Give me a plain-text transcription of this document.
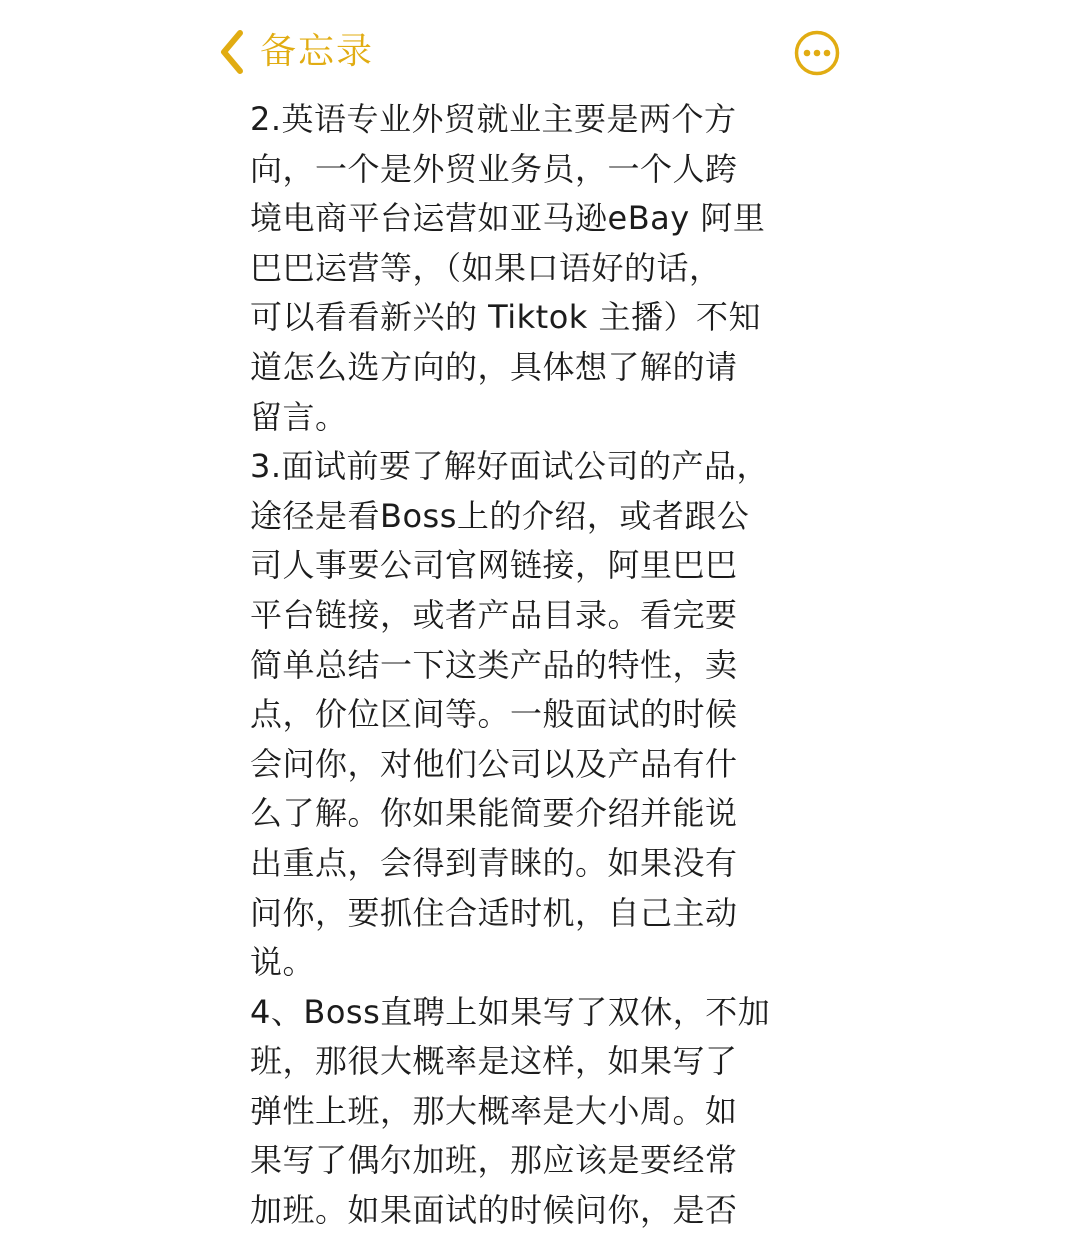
备忘录
2.英语专业外贸就业主要是两个方
向，一个是外贸业务员，一个人跨
境电商平台运营如亚马逊eBay 阿里
巴巴运营等，（如果口语好的话，
可以看看新兴的 Tiktok 主播）不知
道怎么选方向的，具体想了解的请
留言。
3.面试前要了解好面试公司的产品，
途径是看Boss上的介绍，或者跟公
司人事要公司官网链接，阿里巴巴
平台链接，或者产品目录。看完要
简单总结一下这类产品的特性，卖
点，价位区间等。一般面试的时候
会问你，对他们公司以及产品有什
么了解。你如果能简要介绍并能说
出重点，会得到青睐的。如果没有
问你，要抓住合适时机，自己主动
说。
4、Boss直聘上如果写了双休，不加
班，那很大概率是这样，如果写了
弹性上班，那大概率是大小周。如
果写了偶尔加班，那应该是要经常
加班。如果面试的时候问你，是否
